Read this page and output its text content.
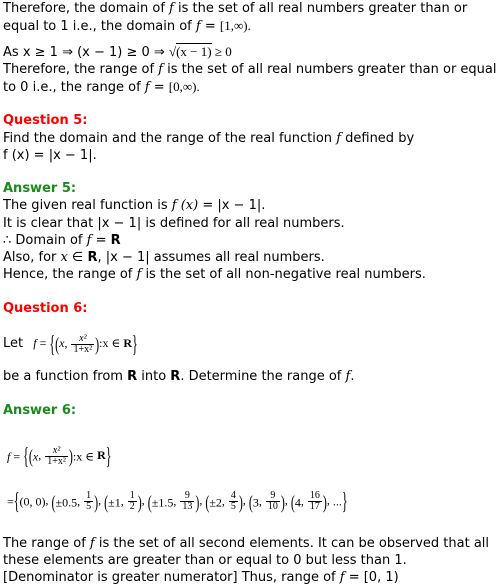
Therefore, the domain of f is the set of all real numbers greater than or
equal to 1 i.e., the domain of f = [1,∞).
As x ≥ 1 ⇒ (x − 1) ≥ 0 ⇒ √(x − 1) ≥ 0
Therefore, the range of f is the set of all real numbers greater than or equal
to 0 i.e., the range of f = [0,∞).
Question 5:
Find the domain and the range of the real function f defined by
f (x) = |x − 1|.
Answer 5:
The given real function is f (x) = |x − 1|.
It is clear that |x − 1| is defined for all real numbers.
∴ Domain of f = R
Also, for x ∈ R, |x − 1| assumes all real numbers.
Hence, the range of f is the set of all non-negative real numbers.
Question 6:
Let f = {(x, $\frac{\text{x²}}{\text{1+x²}}$ ):x ∈ R}
be a function from R into R. Determine the range of f.
Answer 6:
f = {(x, $\frac{\text{x²}}{\text{1+x²}}$ ):x ∈ R}
={(0, 0), (±0.5, $\frac{1}{5}$ ), (±1, $\frac{1}{2}$ ), (±1.5, $\frac{9}{13}$ ), (±2, $\frac{4}{5}$ ), (3, $\frac{9}{10}$ ), (4, $\frac{16}{17}$ ), ...}
The range of f is the set of all second elements. It can be observed that all
these elements are greater than or equal to 0 but less than 1.
[Denominator is greater numerator] Thus, range of f = [0, 1)
